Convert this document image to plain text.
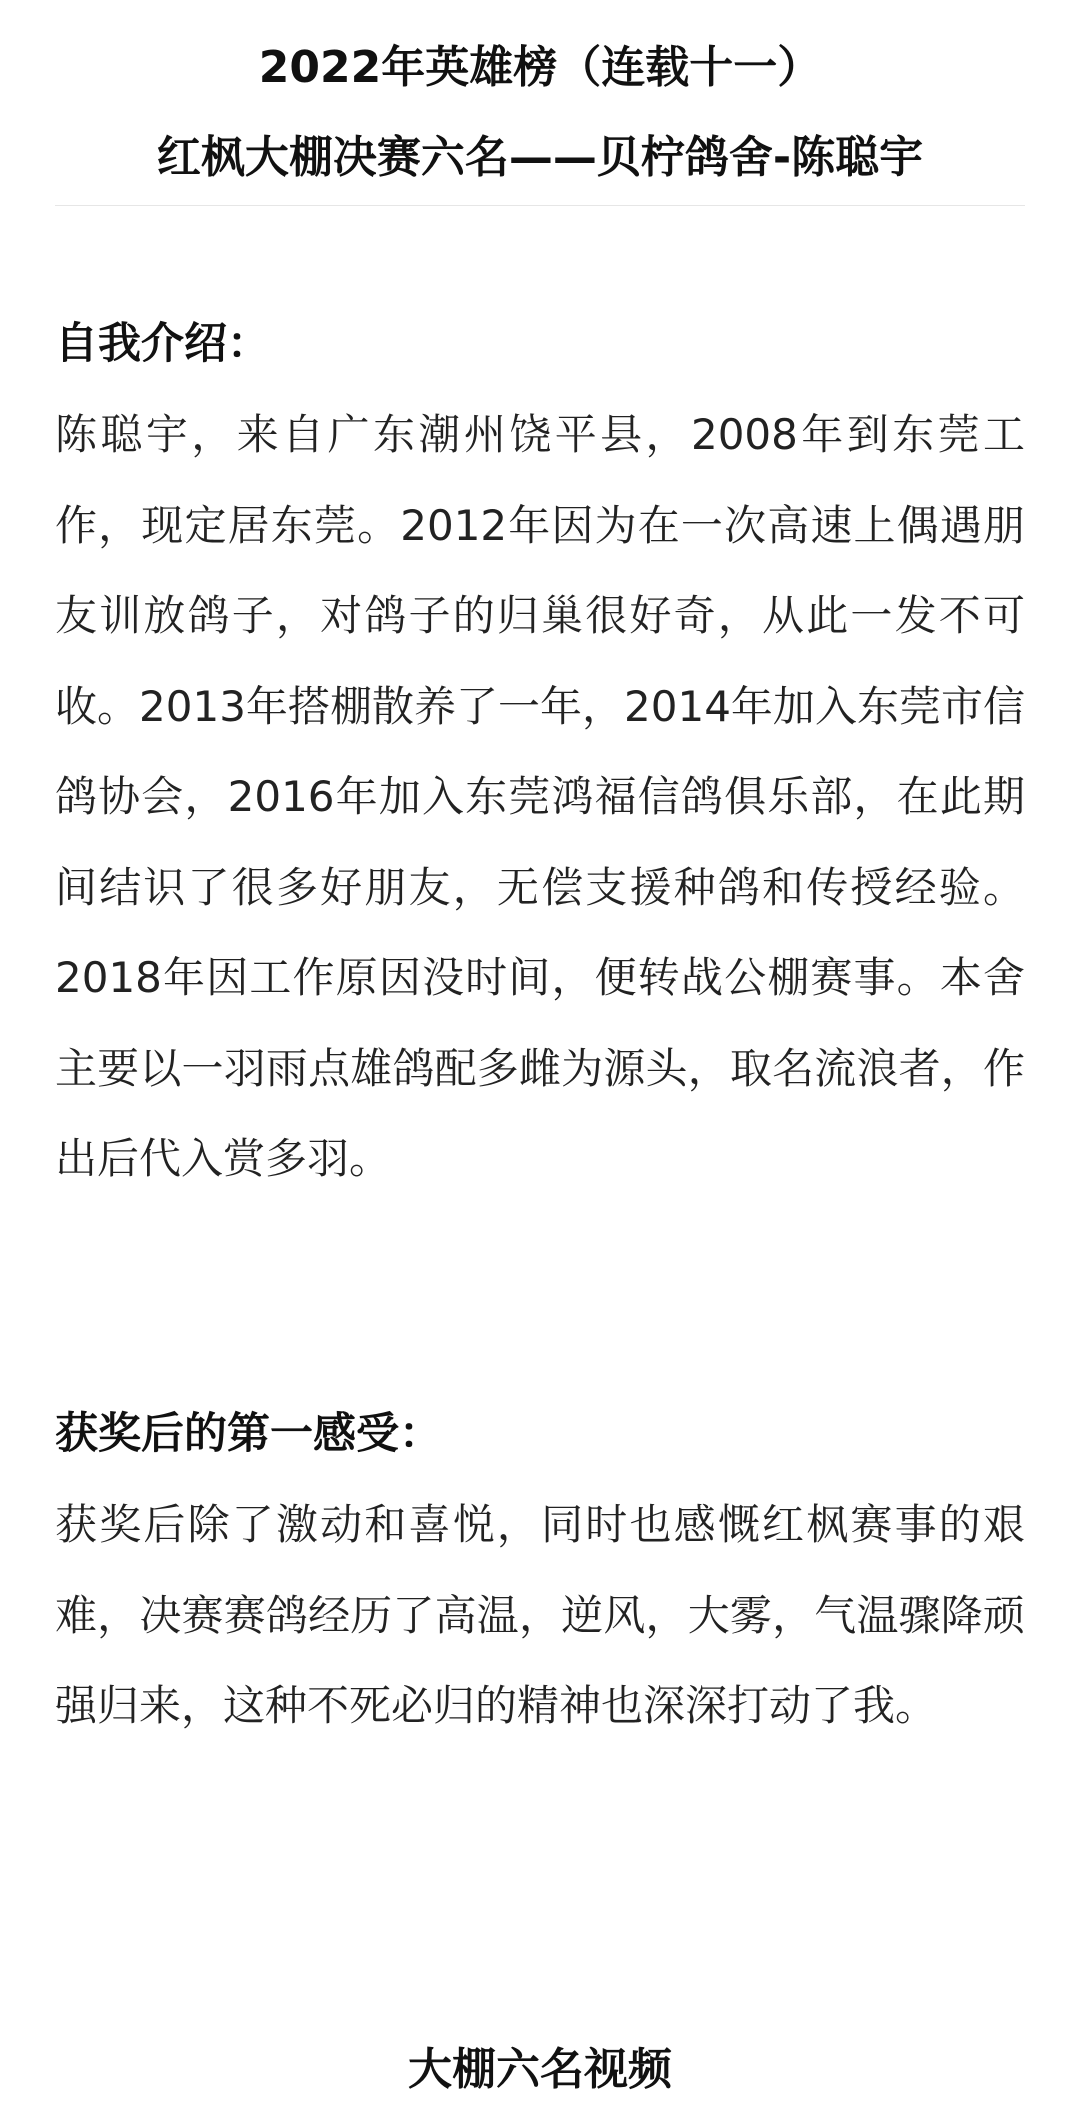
2022年英雄榜（连载十一）
红枫大棚决赛六名——贝柠鸽舍-陈聪宇
自我介绍：

陈聪宇，来自广东潮州饶平县，2008年到东莞工作，现定居东莞。2012年因为在一次高速上偶遇朋友训放鸽子，对鸽子的归巢很好奇，从此一发不可收。2013年搭棚散养了一年，2014年加入东莞市信鸽协会，2016年加入东莞鸿福信鸽俱乐部，在此期间结识了很多好朋友，无偿支援种鸽和传授经验。2018年因工作原因没时间，便转战公棚赛事。本舍主要以一羽雨点雄鸽配多雌为源头，取名流浪者，作出后代入赏多羽。

获奖后的第一感受：

获奖后除了激动和喜悦，同时也感慨红枫赛事的艰难，决赛赛鸽经历了高温，逆风，大雾，气温骤降顽强归来，这种不死必归的精神也深深打动了我。

大棚六名视频
